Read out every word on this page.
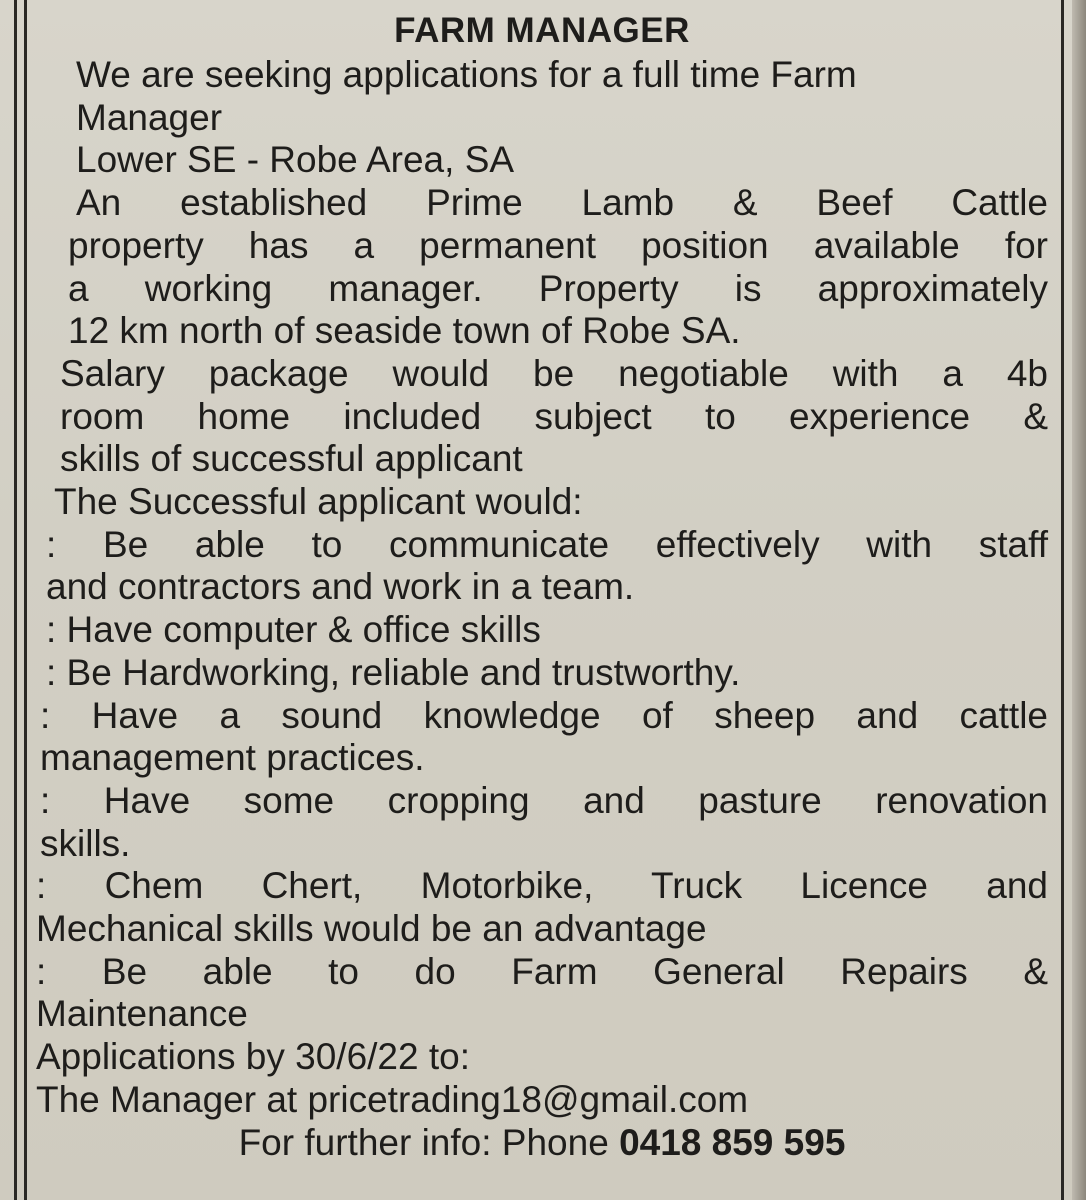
FARM MANAGER

We are seeking applications for a full time Farm

Manager

Lower SE - Robe Area, SA

An established Prime Lamb & Beef Cattle

property has a permanent position available for

a working manager. Property is approximately

12 km north of seaside town of Robe SA.

Salary package would be negotiable with a 4b

room home included subject to experience &

skills of successful applicant

The Successful applicant would:

: Be able to communicate effectively with staff

and contractors and work in a team.

: Have computer & office skills

: Be Hardworking, reliable and trustworthy.

: Have a sound knowledge of sheep and cattle

management practices.

: Have some cropping and pasture renovation

skills.

: Chem Chert, Motorbike, Truck Licence and

Mechanical skills would be an advantage

: Be able to do Farm General Repairs &

Maintenance

Applications by 30/6/22 to:

The Manager at pricetrading18@gmail.com

For further info: Phone 0418 859 595
